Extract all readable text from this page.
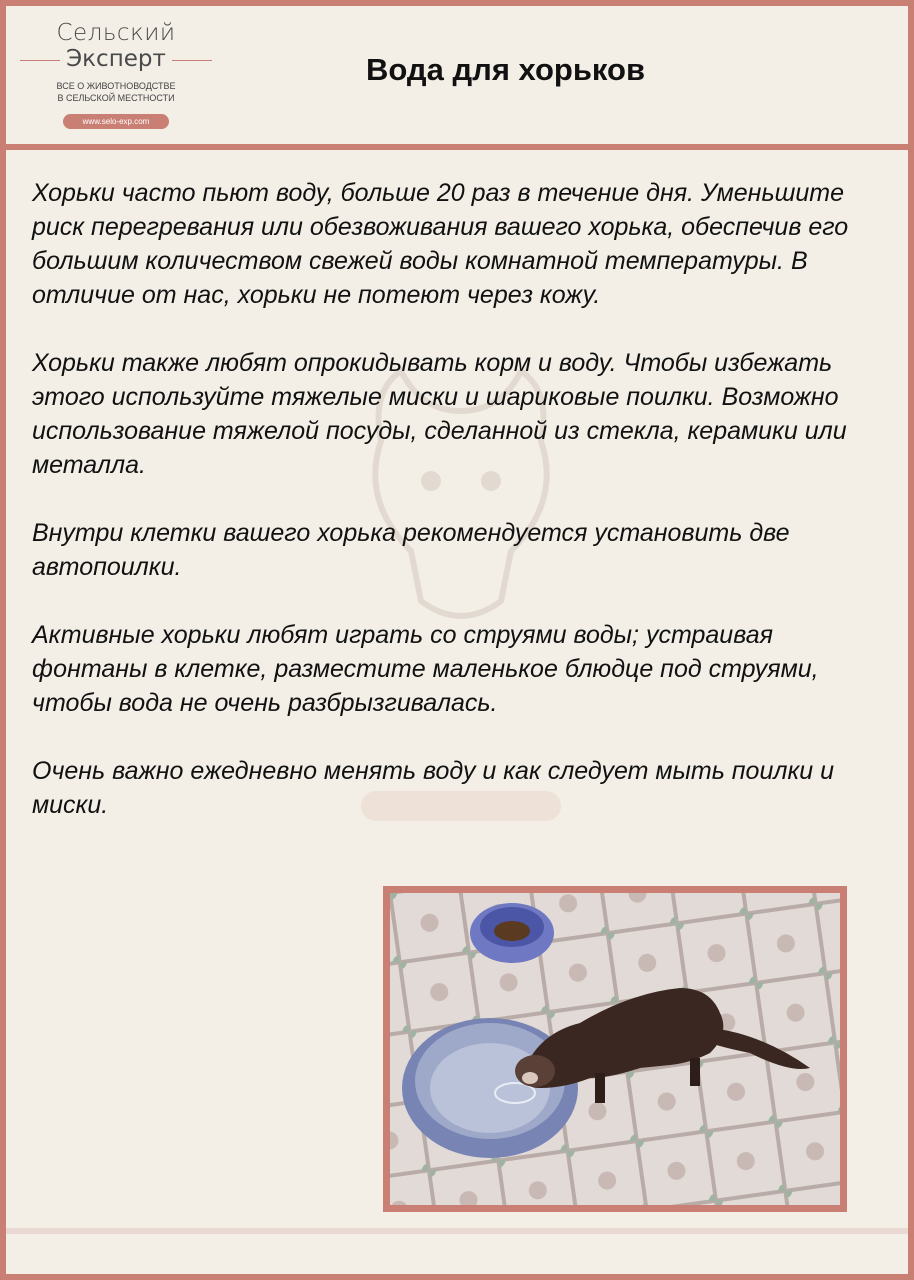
Сельский
Эксперт
ВСЕ О ЖИВОТНОВОДСТВЕ
В СЕЛЬСКОЙ МЕСТНОСТИ
www.selo-exp.com
Вода для хорьков

Хорьки часто пьют воду, больше 20 раз в течение дня. Уменьшите риск перегревания или обезвоживания вашего хорька, обеспечив его большим количеством свежей воды комнатной температуры. В отличие от нас, хорьки не потеют через кожу.

Хорьки также любят опрокидывать корм и воду. Чтобы избежать этого используйте тяжелые миски и шариковые поилки. Возможно использование тяжелой посуды, сделанной из стекла, керамики или металла.

Внутри клетки вашего хорька рекомендуется установить две автопоилки.

Активные хорьки любят играть со струями воды; устраивая фонтаны в клетке, разместите маленькое блюдце под струями, чтобы вода не очень разбрызгивалась.

Очень важно ежедневно менять воду и как следует мыть поилки и миски.
